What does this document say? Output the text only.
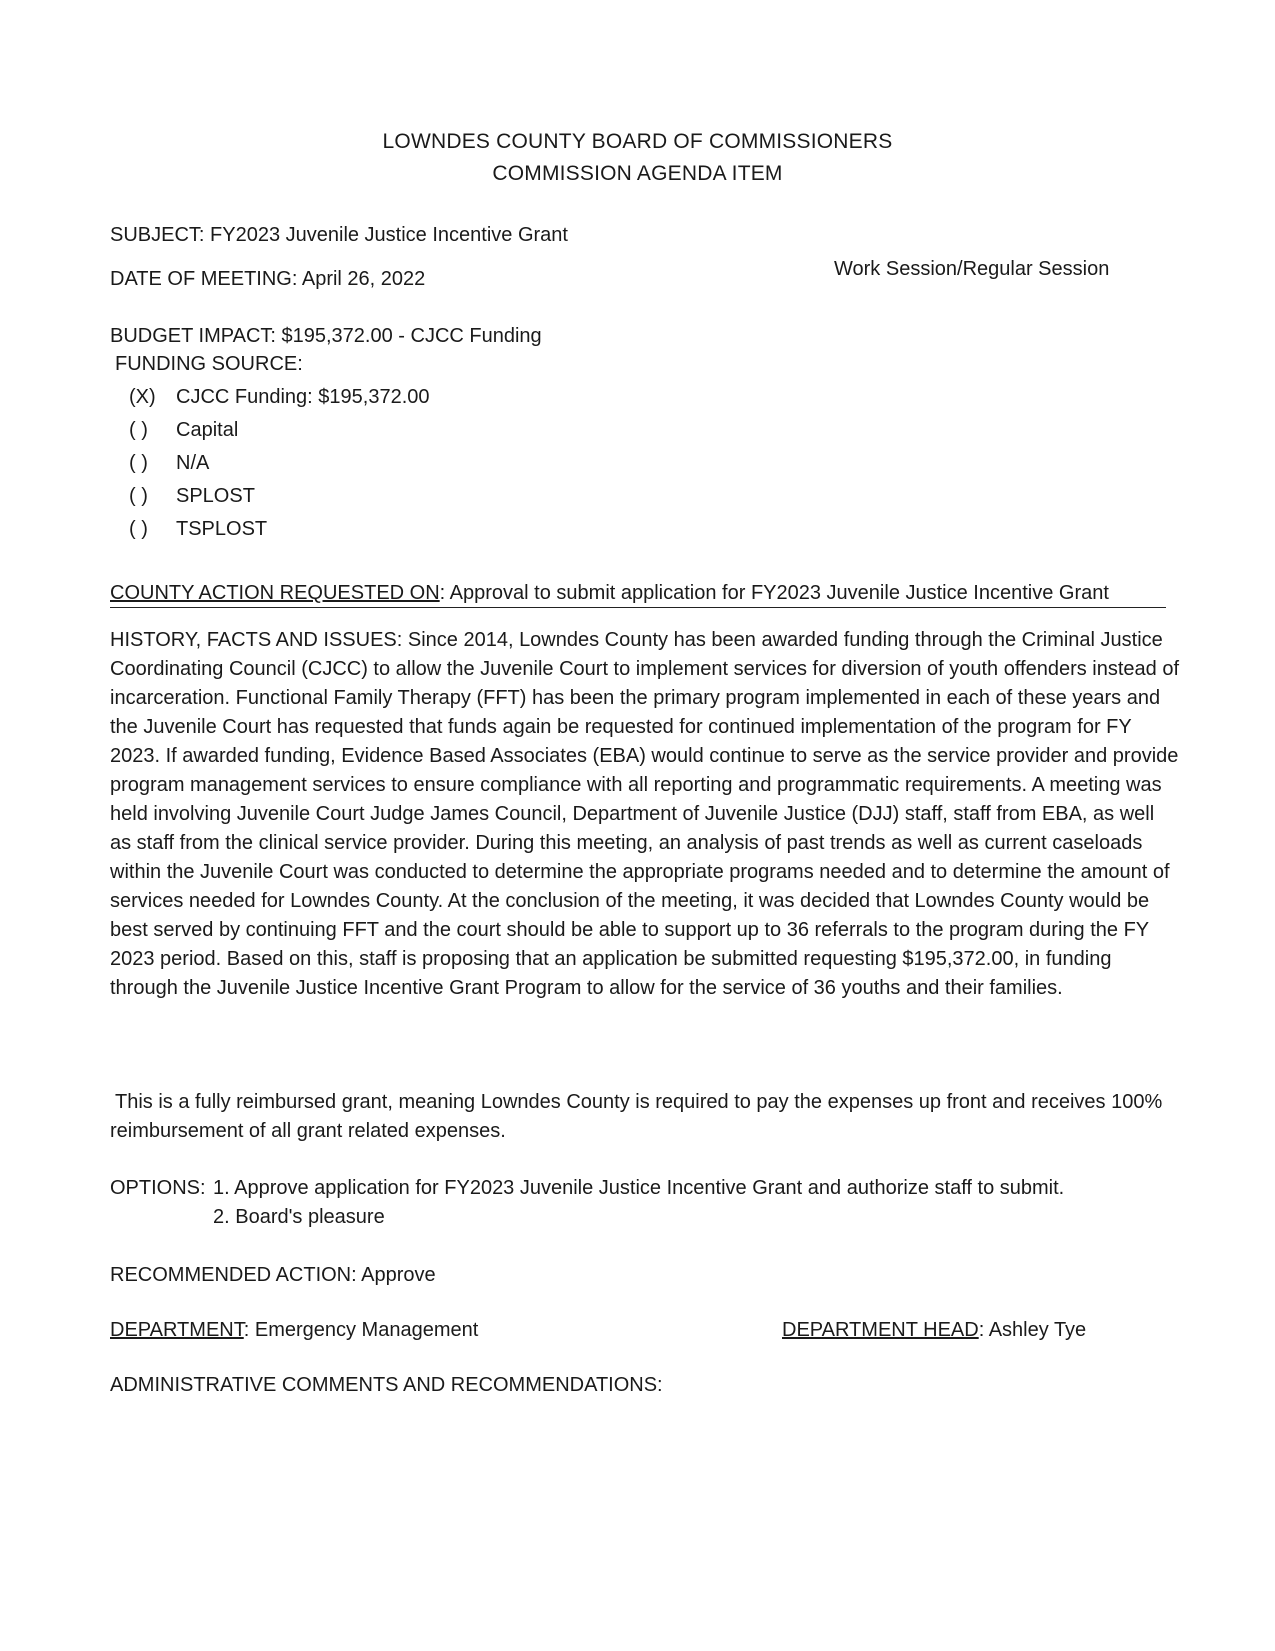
LOWNDES COUNTY BOARD OF COMMISSIONERS
COMMISSION AGENDA ITEM
SUBJECT: FY2023 Juvenile Justice Incentive Grant
DATE OF MEETING: April 26, 2022	Work Session/Regular Session
BUDGET IMPACT: $195,372.00 - CJCC Funding
FUNDING SOURCE:
(X) CJCC Funding: $195,372.00
( ) Capital
( ) N/A
( ) SPLOST
( ) TSPLOST
COUNTY ACTION REQUESTED ON: Approval to submit application for FY2023 Juvenile Justice Incentive Grant

HISTORY, FACTS AND ISSUES: Since 2014, Lowndes County has been awarded funding through the Criminal Justice Coordinating Council (CJCC) to allow the Juvenile Court to implement services for diversion of youth offenders instead of incarceration. Functional Family Therapy (FFT) has been the primary program implemented in each of these years and the Juvenile Court has requested that funds again be requested for continued implementation of the program for FY 2023. If awarded funding, Evidence Based Associates (EBA) would continue to serve as the service provider and provide program management services to ensure compliance with all reporting and programmatic requirements. A meeting was held involving Juvenile Court Judge James Council, Department of Juvenile Justice (DJJ) staff, staff from EBA, as well as staff from the clinical service provider. During this meeting, an analysis of past trends as well as current caseloads within the Juvenile Court was conducted to determine the appropriate programs needed and to determine the amount of services needed for Lowndes County. At the conclusion of the meeting, it was decided that Lowndes County would be best served by continuing FFT and the court should be able to support up to 36 referrals to the program during the FY 2023 period. Based on this, staff is proposing that an application be submitted requesting $195,372.00, in funding through the Juvenile Justice Incentive Grant Program to allow for the service of 36 youths and their families.

This is a fully reimbursed grant, meaning Lowndes County is required to pay the expenses up front and receives 100% reimbursement of all grant related expenses.

OPTIONS: 1. Approve application for FY2023 Juvenile Justice Incentive Grant and authorize staff to submit.
2. Board's pleasure
RECOMMENDED ACTION: Approve
DEPARTMENT: Emergency Management	DEPARTMENT HEAD: Ashley Tye
ADMINISTRATIVE COMMENTS AND RECOMMENDATIONS:
